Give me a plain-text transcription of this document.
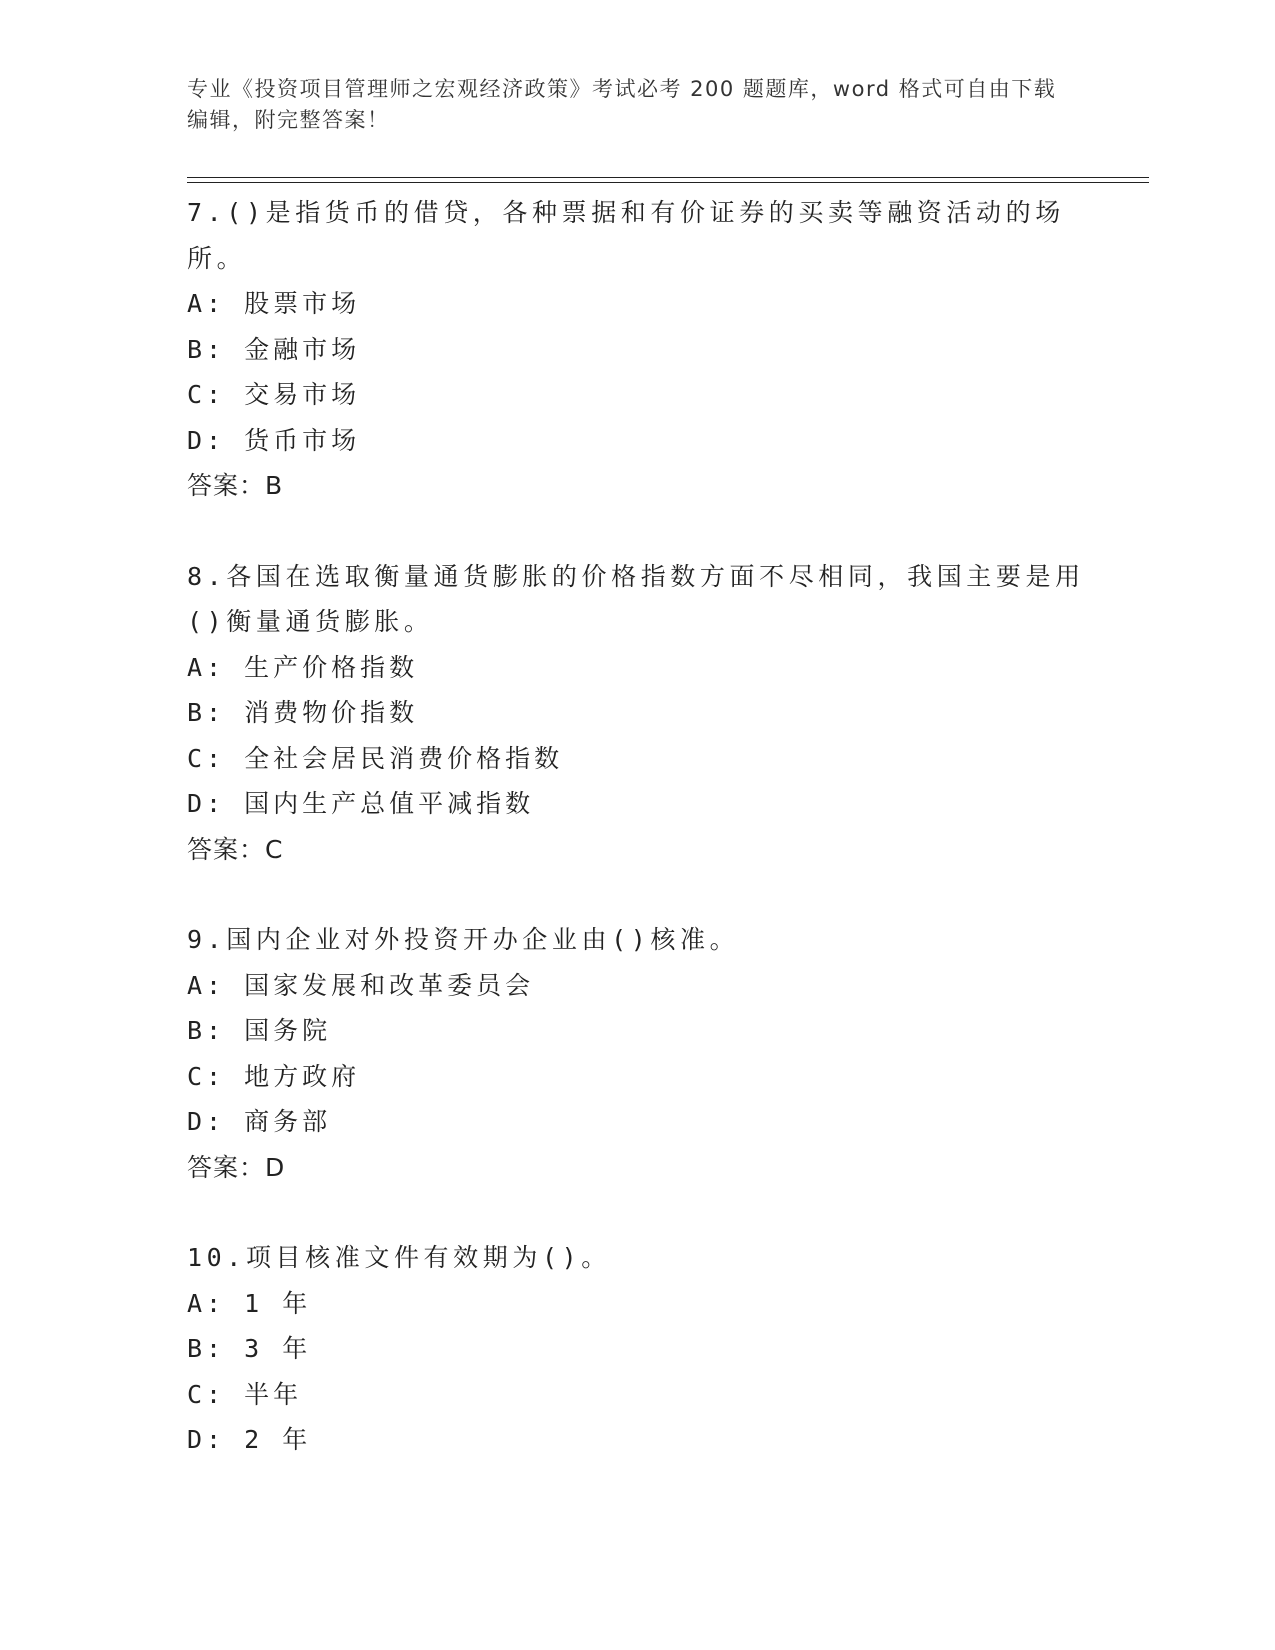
专业《投资项目管理师之宏观经济政策》考试必考 200 题题库，word 格式可自由下载编辑，附完整答案！

7.()是指货币的借贷，各种票据和有价证券的买卖等融资活动的场所。

A: 股票市场

B: 金融市场

C: 交易市场

D: 货币市场

答案：B

8.各国在选取衡量通货膨胀的价格指数方面不尽相同，我国主要是用()衡量通货膨胀。

A: 生产价格指数

B: 消费物价指数

C: 全社会居民消费价格指数

D: 国内生产总值平减指数

答案：C

9.国内企业对外投资开办企业由()核准。

A: 国家发展和改革委员会

B: 国务院

C: 地方政府

D: 商务部

答案：D

10.项目核准文件有效期为()。

A: 1 年

B: 3 年

C: 半年

D: 2 年
